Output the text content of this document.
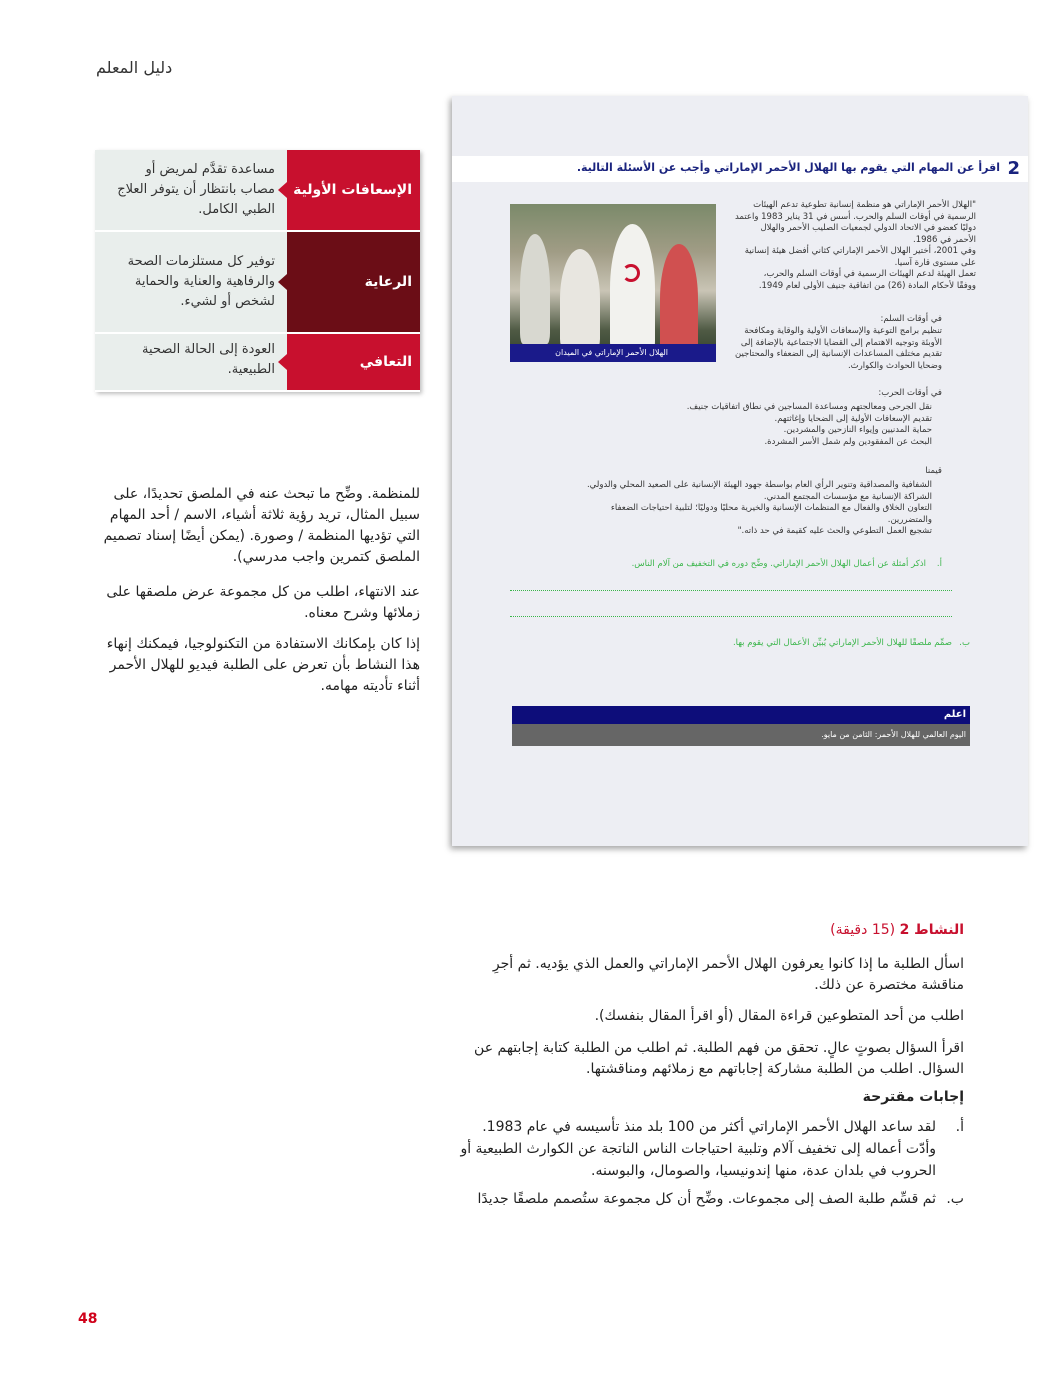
دليل المعلم
مساعدة تقدَّم لمريض أو مصاب بانتظار أن يتوفر العلاج الطبي الكامل.
الإسعافات الأولية
توفير كل مستلزمات الصحة والرفاهية والعناية والحماية لشخص أو لشيء.
الرعاية
العودة إلى الحالة الصحية الطبيعية.	التعافي
للمنظمة. وضِّح ما تبحث عنه في الملصق تحديدًا، على سبيل المثال، تريد رؤية ثلاثة أشياء، الاسم / أحد المهام التي تؤديها المنظمة / وصورة. (يمكن أيضًا إسناد تصميم الملصق كتمرين واجب مدرسي).
عند الانتهاء، اطلب من كل مجموعة عرض ملصقها على زملائها وشرح معناه.
إذا كان بإمكانك الاستفادة من التكنولوجيا، فيمكنك إنهاء هذا النشاط بأن تعرض على الطلبة فيديو للهلال الأحمر أثناء تأديته مهامه.
2
اقرأ عن المهام التي يقوم بها الهلال الأحمر الإماراتي وأجب عن الأسئلة التالية.
الهلال الأحمر الإماراتي في الميدان
"الهلال الأحمر الإماراتي هو منظمة إنسانية تطوعية تدعم الهيئات
الرسمية في أوقات السلم والحرب. أسس في 31 يناير 1983 واعتمد
دوليًا كعضو في الاتحاد الدولي لجمعيات الصليب الأحمر والهلال
الأحمر في 1986.
وفي 2001، أختير الهلال الأحمر الإماراتي كثاني أفضل هيئة إنسانية
على مستوى قارة آسيا.
تعمل الهيئة لدعم الهيئات الرسمية في أوقات السلم والحرب،
ووفقًا لأحكام المادة (26) من اتفاقية جنيف الأولى لعام 1949.
في أوقات السلم:
تنظيم برامج التوعية والإسعافات الأولية والوقاية ومكافحة
الأوبئة وتوجيه الاهتمام إلى القضايا الاجتماعية بالإضافة إلى
تقديم مختلف المساعدات الإنسانية إلى الضعفاء والمحتاجين
وضحايا الحوادث والكوارث.
في أوقات الحرب:
نقل الجرحى ومعالجتهم ومساعدة المساجين في نطاق اتفاقيات جنيف.
تقديم الإسعافات الأولية إلى الضحايا وإغاثتهم.
حماية المدنيين وإيواء النازحين والمشردين.
البحث عن المفقودين ولم شمل الأسر المشردة.
قيمنا
الشفافية والمصداقية وتنوير الرأي العام بواسطة جهود الهيئة الإنسانية على الصعيد المحلي والدولي.
الشراكة الإنسانية مع مؤسسات المجتمع المدني.
التعاون الخلاق والفعال مع المنظمات الإنسانية والخيرية محليًا ودوليًا؛ لتلبية احتياجات الضعفاء
والمتضررين.
تشجيع العمل التطوعي والحث عليه كقيمة في حد ذاته."
أ.
اذكر أمثلة عن أعمال الهلال الأحمر الإماراتي. وضِّح دوره في التخفيف من آلام الناس.
ب.
صمِّم ملصقًا للهلال الأحمر الإماراتي يُبيِّن الأعمال التي يقوم بها.
اعلم
اليوم العالمي للهلال الأحمر: الثامن من مايو.
النشاط 2 (15 دقيقة)
اسأل الطلبة ما إذا كانوا يعرفون الهلال الأحمر الإماراتي والعمل الذي يؤديه. ثم أجرِ مناقشة مختصرة عن ذلك.
اطلب من أحد المتطوعين قراءة المقال (أو اقرأ المقال بنفسك).
اقرأ السؤال بصوتٍ عالٍ. تحقق من فهم الطلبة. ثم اطلب من الطلبة كتابة إجابتهم عن السؤال. اطلب من الطلبة مشاركة إجاباتهم مع زملائهم ومناقشتها.
إجابات مقترحة
أ.
لقد ساعد الهلال الأحمر الإماراتي أكثر من 100 بلد منذ تأسيسه في عام 1983. وأدّت أعماله إلى تخفيف آلام وتلبية احتياجات الناس الناتجة عن الكوارث الطبيعية أو الحروب في بلدان عدة، منها إندونيسيا، والصومال، والبوسنه.
ب.
ثم قسِّم طلبة الصف إلى مجموعات. وضِّح أن كل مجموعة ستُصمم ملصقًا جديدًا
48
